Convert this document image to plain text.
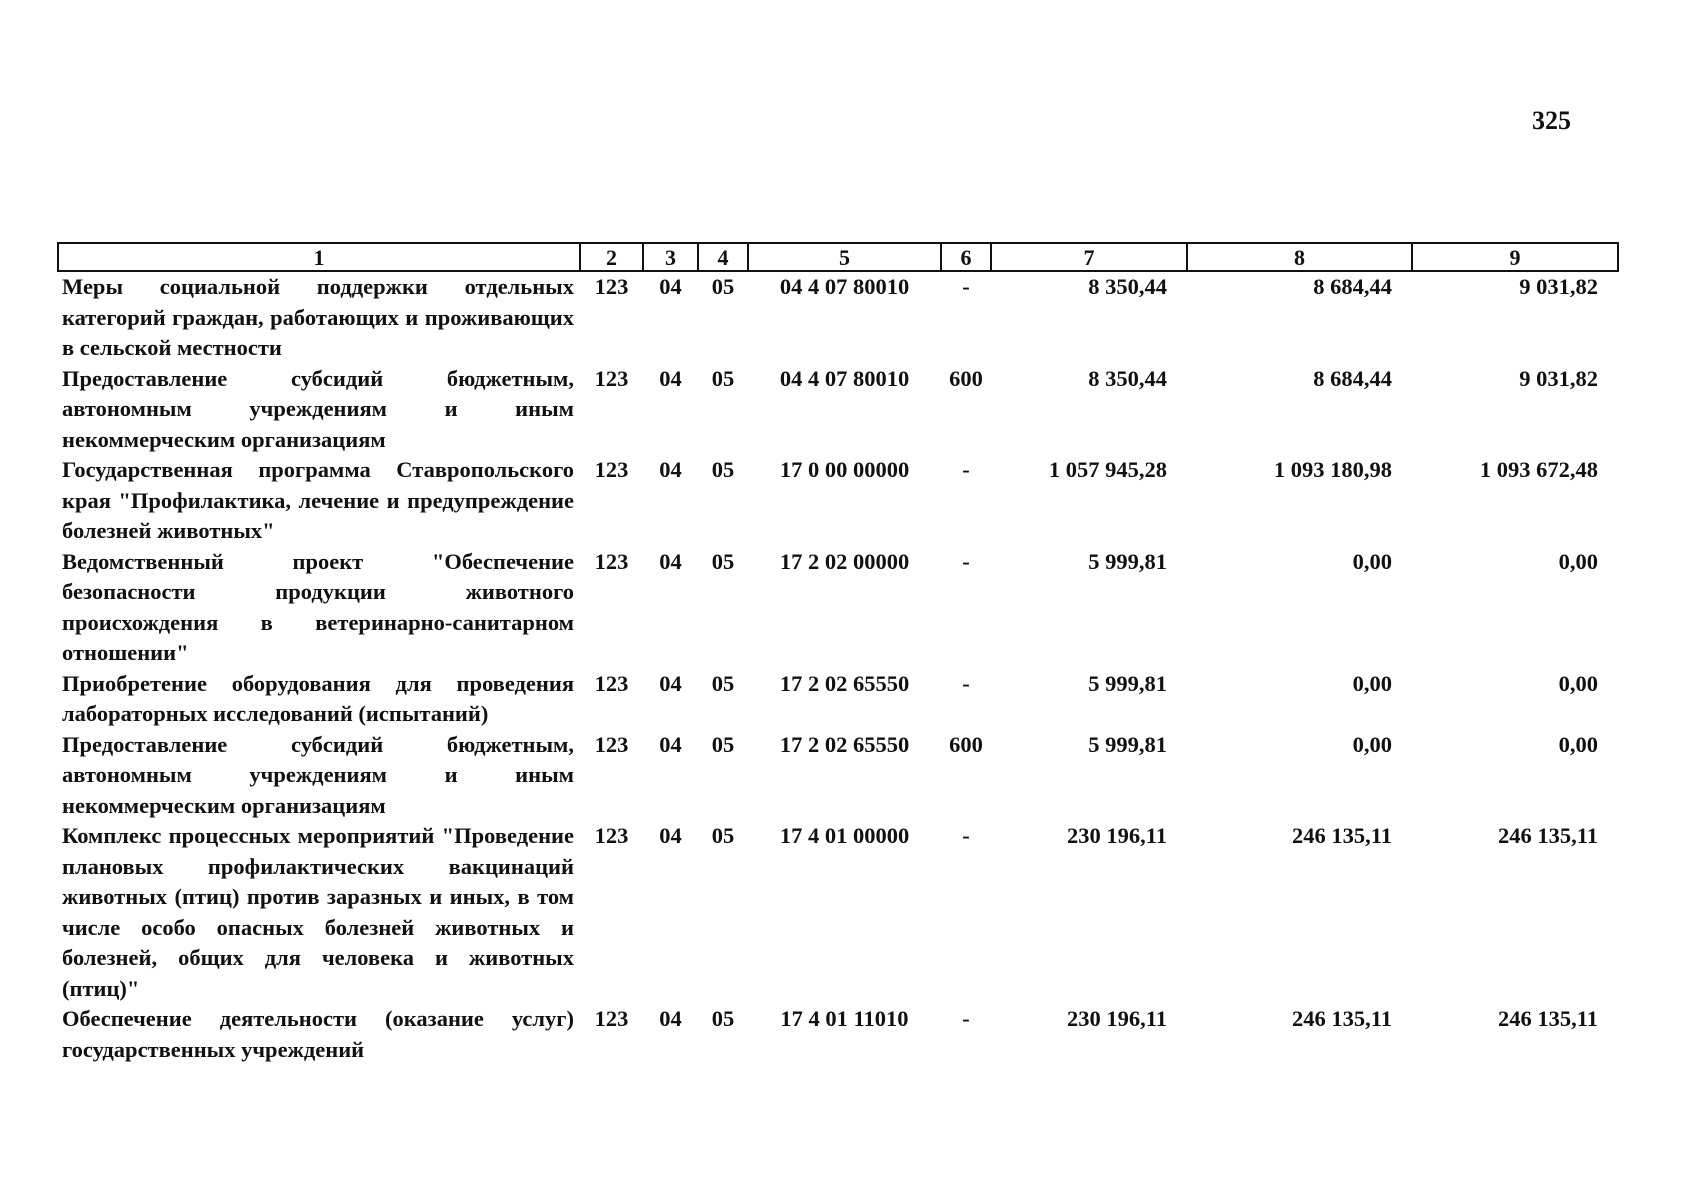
325
1	2	3	4	5	6	7	8	9
Меры социальной поддержки отдельных категорий граждан, работающих и проживающих в сельской местности	123	04	05	04 4 07 80010	-	8 350,44	8 684,44	9 031,82
Предоставление субсидий бюджетным, автономным учреждениям и иным некоммерческим организациям	123	04	05	04 4 07 80010	600	8 350,44	8 684,44	9 031,82
Государственная программа Ставропольского края "Профилактика, лечение и предупреждение болезней животных"	123	04	05	17 0 00 00000	-	1 057 945,28	1 093 180,98	1 093 672,48
Ведомственный проект "Обеспечение безопасности продукции животного происхождения в ветеринарно-санитарном отношении"	123	04	05	17 2 02 00000	-	5 999,81	0,00	0,00
Приобретение оборудования для проведения лабораторных исследований (испытаний)	123	04	05	17 2 02 65550	-	5 999,81	0,00	0,00
Предоставление субсидий бюджетным, автономным учреждениям и иным некоммерческим организациям	123	04	05	17 2 02 65550	600	5 999,81	0,00	0,00
Комплекс процессных мероприятий "Проведение плановых профилактических вакцинаций животных (птиц) против заразных и иных, в том числе особо опасных болезней животных и болезней, общих для человека и животных (птиц)"	123	04	05	17 4 01 00000	-	230 196,11	246 135,11	246 135,11
Обеспечение деятельности (оказание услуг) государственных учреждений	123	04	05	17 4 01 11010	-	230 196,11	246 135,11	246 135,11
